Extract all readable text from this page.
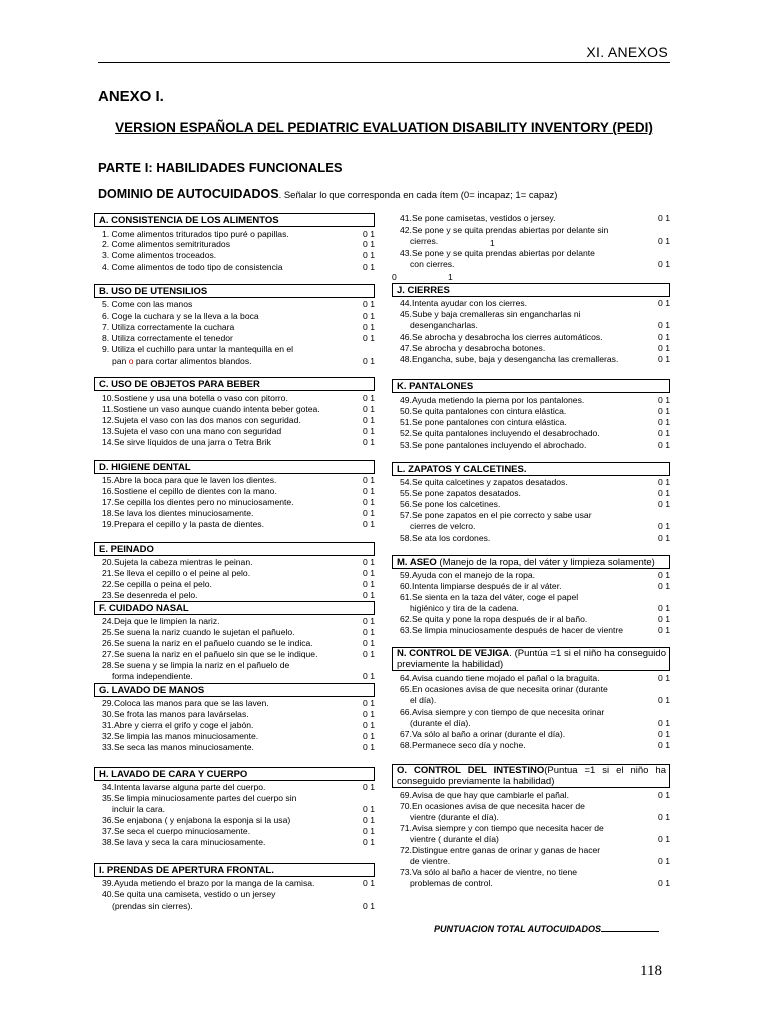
XI. ANEXOS
ANEXO I.
VERSION ESPAÑOLA DEL PEDIATRIC EVALUATION DISABILITY INVENTORY (PEDI)
PARTE I: HABILIDADES FUNCIONALES
DOMINIO DE AUTOCUIDADOS. Señalar lo que corresponda en cada ítem (0= incapaz; 1= capaz)
A. CONSISTENCIA DE LOS ALIMENTOS
1. Come alimentos triturados tipo puré o papillas.	0 1
2. Come alimentos semitriturados	0 1
3. Come alimentos troceados.	0 1
4. Come alimentos de todo tipo de consistencia	0 1
B. USO DE UTENSILIOS
5. Come con las manos	0 1
6. Coge la cuchara y se la lleva a la boca	0 1
7. Utiliza correctamente la cuchara	0 1
8. Utiliza correctamente el tenedor	0 1
9. Utiliza el cuchillo para untar la mantequilla en el
pan o para cortar alimentos blandos.	0 1
C. USO DE OBJETOS PARA BEBER
10.Sostiene y usa una botella o vaso con pitorro.	0 1
11.Sostiene un vaso aunque cuando intenta beber gotea.	0 1
12.Sujeta el vaso con las dos manos con seguridad.	0 1
13.Sujeta el vaso con una mano con seguridad	0 1
14.Se sirve líquidos de una jarra o Tetra Brik	0 1
D. HIGIENE DENTAL
15.Abre la boca para que le laven los dientes.	0 1
16.Sostiene el cepillo de dientes con la mano.	0 1
17.Se cepilla los dientes pero no minuciosamente.	0 1
18.Se lava los dientes minuciosamente.	0 1
19.Prepara el cepillo y la pasta de dientes.	0 1
E. PEINADO
20.Sujeta la cabeza mientras le peinan.	0 1
21.Se lleva el cepillo o el peine al pelo.	0 1
22.Se cepilla o peina el pelo.	0 1
23.Se desenreda el pelo.	0 1
F. CUIDADO NASAL
24.Deja que le limpien la nariz.	0 1
25.Se suena la nariz cuando le sujetan el pañuelo.	0 1
26.Se suena la nariz en el pañuelo cuando se le indica.	0 1
27.Se suena la nariz en el pañuelo sin que se le indique.	0 1
28.Se suena y se limpia la nariz en el pañuelo de
forma independiente.	0 1
G. LAVADO DE MANOS
29.Coloca las manos para que se las laven.	0 1
30.Se frota las manos para lavárselas.	0 1
31.Abre y cierra el grifo y coge el jabón.	0 1
32.Se limpia las manos minuciosamente.	0 1
33.Se seca las manos minuciosamente.	0 1
H. LAVADO DE CARA Y CUERPO
34.Intenta lavarse alguna parte del cuerpo.	0 1
35.Se limpia minuciosamente partes del cuerpo sin
incluir la cara.	0 1
36.Se enjabona ( y enjabona la esponja si la usa)	0 1
37.Se seca el cuerpo minuciosamente.	0 1
38.Se lava y seca la cara minuciosamente.	0 1
I. PRENDAS DE APERTURA FRONTAL.
39.Ayuda metiendo el brazo por la manga de la camisa.	0 1
40.Se quita una camiseta, vestido o un jersey
(prendas sin cierres).	0 1
41.Se pone camisetas, vestidos o jersey.	0 1
42.Se pone y se quita prendas abiertas por delante sin
cierres.	0 1
43.Se pone y se quita prendas abiertas por delante
con cierres.	0 1
1
0	1
J. CIERRES
44.Intenta ayudar con los cierres.	0 1
45.Sube y baja cremalleras sin engancharlas ni
desengancharlas.	0 1
46.Se abrocha y desabrocha los cierres automáticos.	0 1
47.Se abrocha y desabrocha botones.	0 1
48.Engancha, sube, baja y desengancha las cremalleras.	0 1
K. PANTALONES
49.Ayuda metiendo la pierna por los pantalones.	0 1
50.Se quita pantalones con cintura elástica.	0 1
51.Se pone pantalones con cintura elástica.	0 1
52.Se quita pantalones incluyendo el desabrochado.	0 1
53.Se pone pantalones incluyendo el abrochado.	0 1
L. ZAPATOS Y CALCETINES.
54.Se quita calcetines y zapatos desatados.	0 1
55.Se pone zapatos desatados.	0 1
56.Se pone los calcetines.	0 1
57.Se pone zapatos en el pie correcto y sabe usar
cierres de velcro.	0 1
58.Se ata los cordones.	0 1
M. ASEO (Manejo de la ropa, del váter y limpieza solamente)
59.Ayuda con el manejo de la ropa.	0 1
60.Intenta limpiarse después de ir al váter.	0 1
61.Se sienta en la taza del váter, coge el papel
higiénico y tira de la cadena.	0 1
62.Se quita y pone la ropa después de ir al baño.	0 1
63.Se limpia minuciosamente después de hacer de vientre	0 1
N. CONTROL DE VEJIGA. (Puntúa =1 si el niño ha conseguido previamente la habilidad)
64.Avisa cuando tiene mojado el pañal o la braguita.	0 1
65.En ocasiones avisa de que necesita orinar (durante
el día).	0 1
66.Avisa siempre y con tiempo de que necesita orinar
(durante el día).	0 1
67.Va sólo al baño a orinar (durante el día).	0 1
68.Permanece seco día y noche.	0 1
O. CONTROL DEL INTESTINO(Puntua =1 si el niño ha conseguido previamente la habilidad)
69.Avisa de que hay que cambiarle el pañal.	0 1
70.En ocasiones avisa de que necesita hacer de
vientre (durante el día).	0 1
71.Avisa siempre y con tiempo que necesita hacer de
vientre ( durante el día)	0 1
72.Distingue entre ganas de orinar y ganas de hacer
de vientre.	0 1
73.Va sólo al baño a hacer de vientre, no tiene
problemas de control.	0 1
PUNTUACION TOTAL AUTOCUIDADOS
118
